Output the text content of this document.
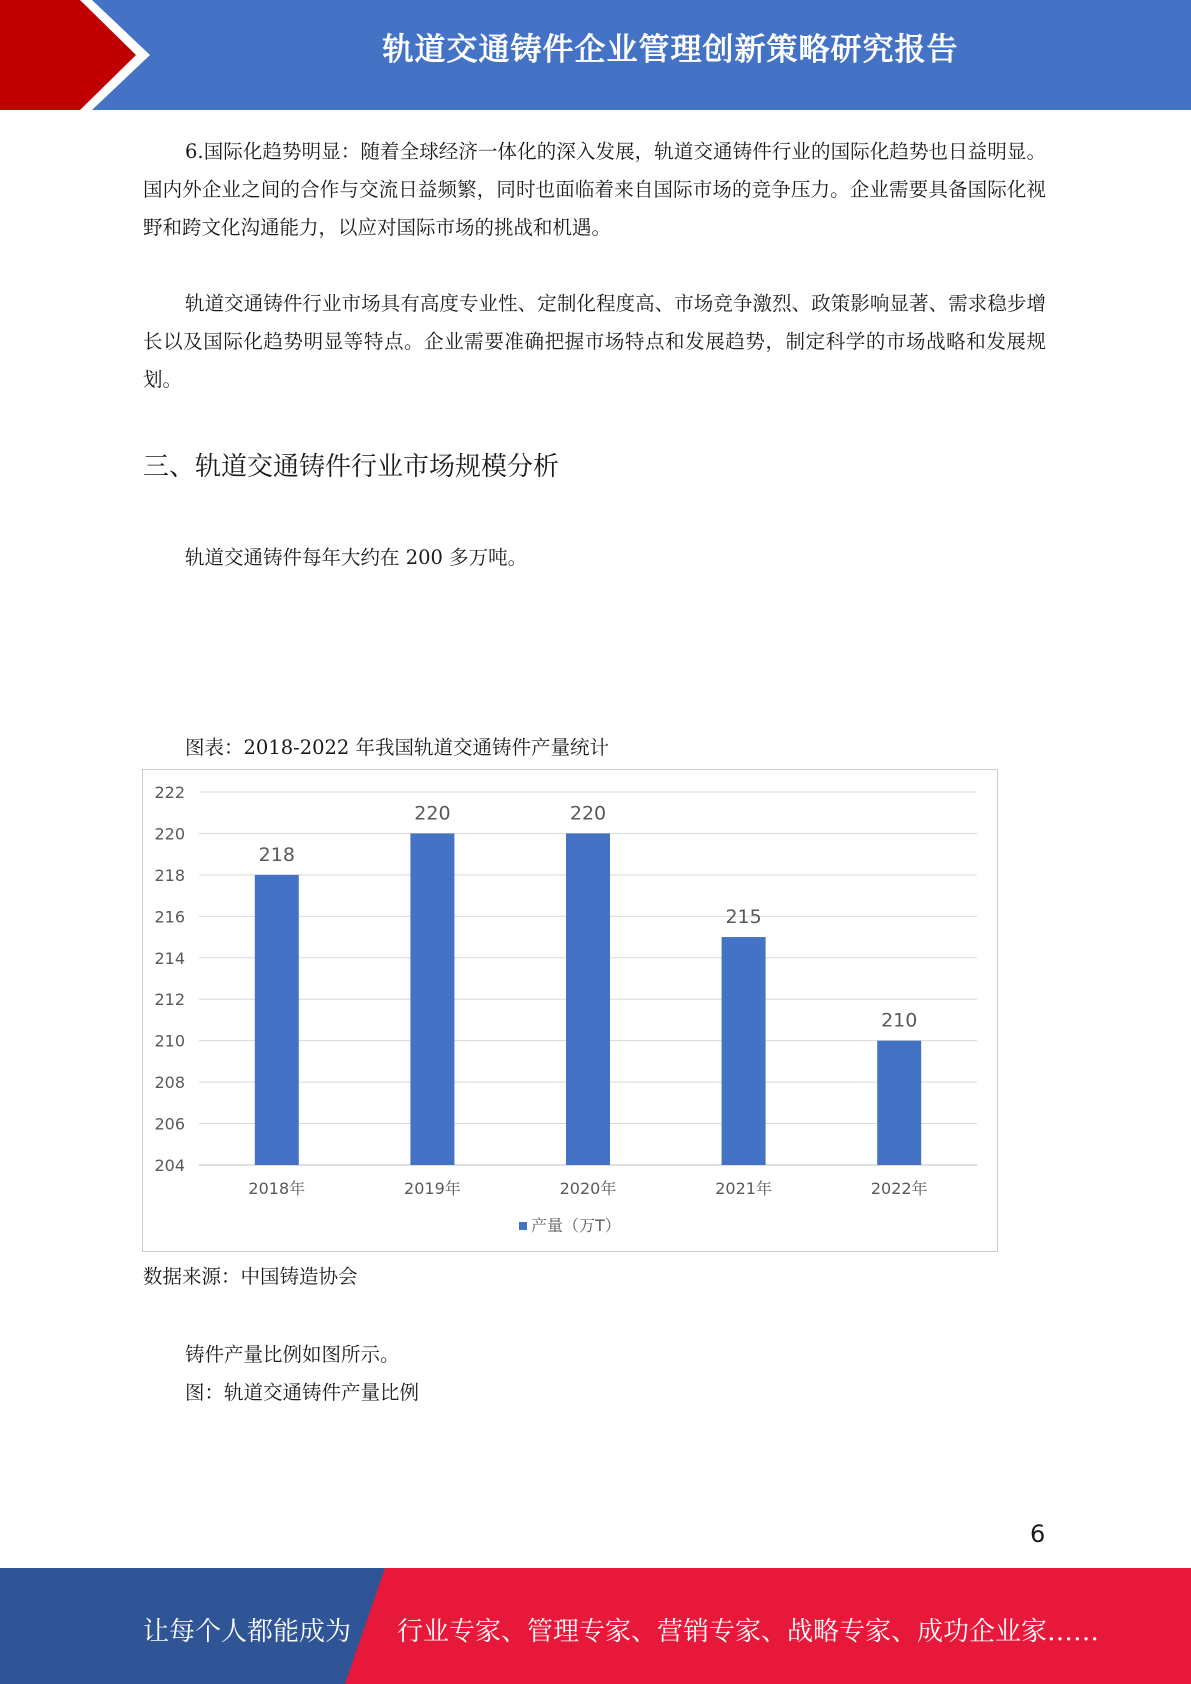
轨道交通铸件企业管理创新策略研究报告

6.国际化趋势明显：随着全球经济一体化的深入发展，轨道交通铸件行业的国际化趋势也日益明显。国内外企业之间的合作与交流日益频繁，同时也面临着来自国际市场的竞争压力。企业需要具备国际化视野和跨文化沟通能力，以应对国际市场的挑战和机遇。

轨道交通铸件行业市场具有高度专业性、定制化程度高、市场竞争激烈、政策影响显著、需求稳步增长以及国际化趋势明显等特点。企业需要准确把握市场特点和发展趋势，制定科学的市场战略和发展规划。

三、轨道交通铸件行业市场规模分析

轨道交通铸件每年大约在 200 多万吨。

图表：2018-2022 年我国轨道交通铸件产量统计

204
206
208
210
212
214
216
218
220
222
218
2018年
220
2019年
220
2020年
215
2021年
210
2022年
产量（万T）

数据来源：中国铸造协会

铸件产量比例如图所示。

图：轨道交通铸件产量比例

6
让每个人都能成为 行业专家、管理专家、营销专家、战略专家、成功企业家……
